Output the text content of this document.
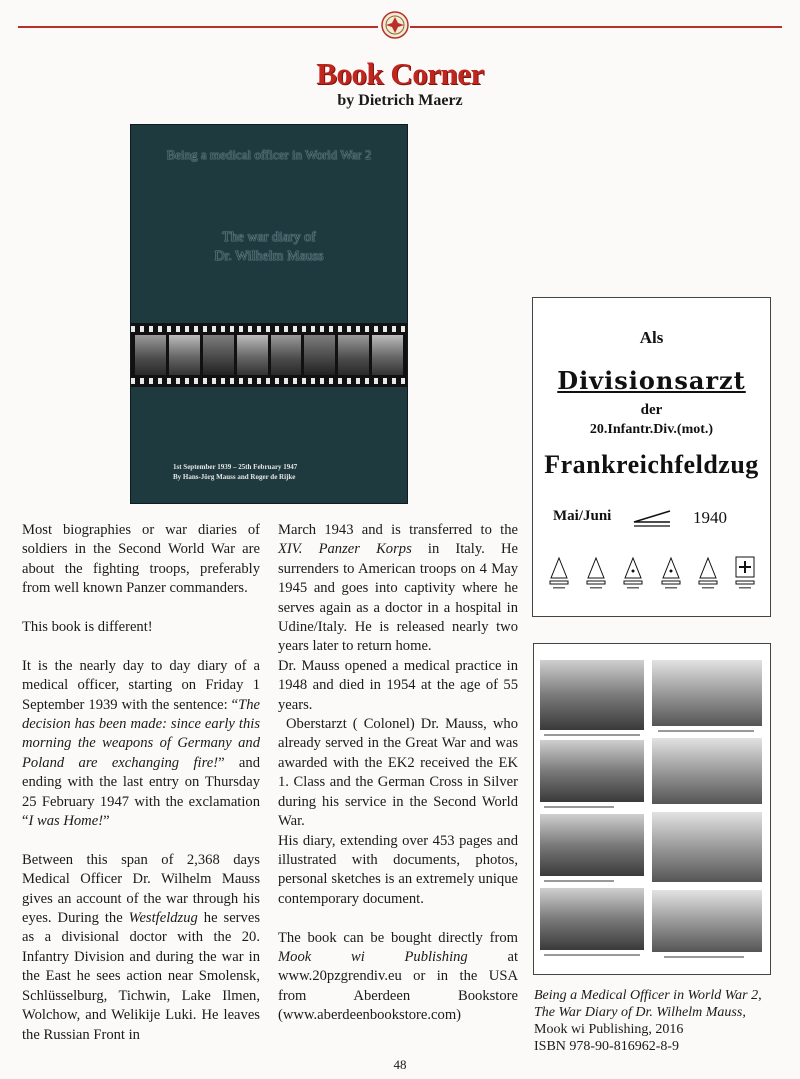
Book Corner
by Dietrich Maerz
Being a medical officer in World War 2
The war diary of
Dr. Wilhelm Mauss
1st September 1939 – 25th February 1947
By Hans-Jörg Mauss and Roger de Rijke
Als
Divisionsarzt
der
20.Infantr.Div.(mot.)
Frankreichfeldzug
Mai/Juni	1940

Most biographies or war diaries of soldiers in the Second World War are about the fighting troops, preferably from well known Panzer commanders.

This book is different!

It is the nearly day to day diary of a medical officer, starting on Friday 1 September 1939 with the sentence: “The decision has been made: since early this morning the weapons of Germany and Poland are exchanging fire!” and ending with the last entry on Thursday 25 February 1947 with the exclamation “I was Home!”

Between this span of 2,368 days Medical Officer Dr. Wilhelm Mauss gives an account of the war through his eyes. During the Westfeldzug he serves as a divisional doctor with the 20. Infantry Division and during the war in the East he sees action near Smolensk, Schlüsselburg, Tichwin, Lake Ilmen, Wolchow, and Welikije Luki. He leaves the Russian Front in

March 1943 and is transferred to the XIV. Panzer Korps in Italy. He surrenders to American troops on 4 May 1945 and goes into captivity where he serves again as a doctor in a hospital in Udine/Italy. He is released nearly two years later to return home.

Dr. Mauss opened a medical practice in 1948 and died in 1954 at the age of 55 years.

Oberstarzt ( Colonel) Dr. Mauss, who already served in the Great War and was awarded with the EK2 received the EK 1. Class and the German Cross in Silver during his service in the Second World War.

His diary, extending over 453 pages and illustrated with documents, photos, personal sketches is an extremely unique contemporary document.

The book can be bought directly from Mook wi Publishing at www.20pzgrendiv.eu or in the USA from Aberdeen Bookstore (www.aberdeenbookstore.com)

Being a Medical Officer in World War 2, The War Diary of Dr. Wilhelm Mauss,
Mook wi Publishing, 2016
ISBN 978-90-816962-8-9
48
